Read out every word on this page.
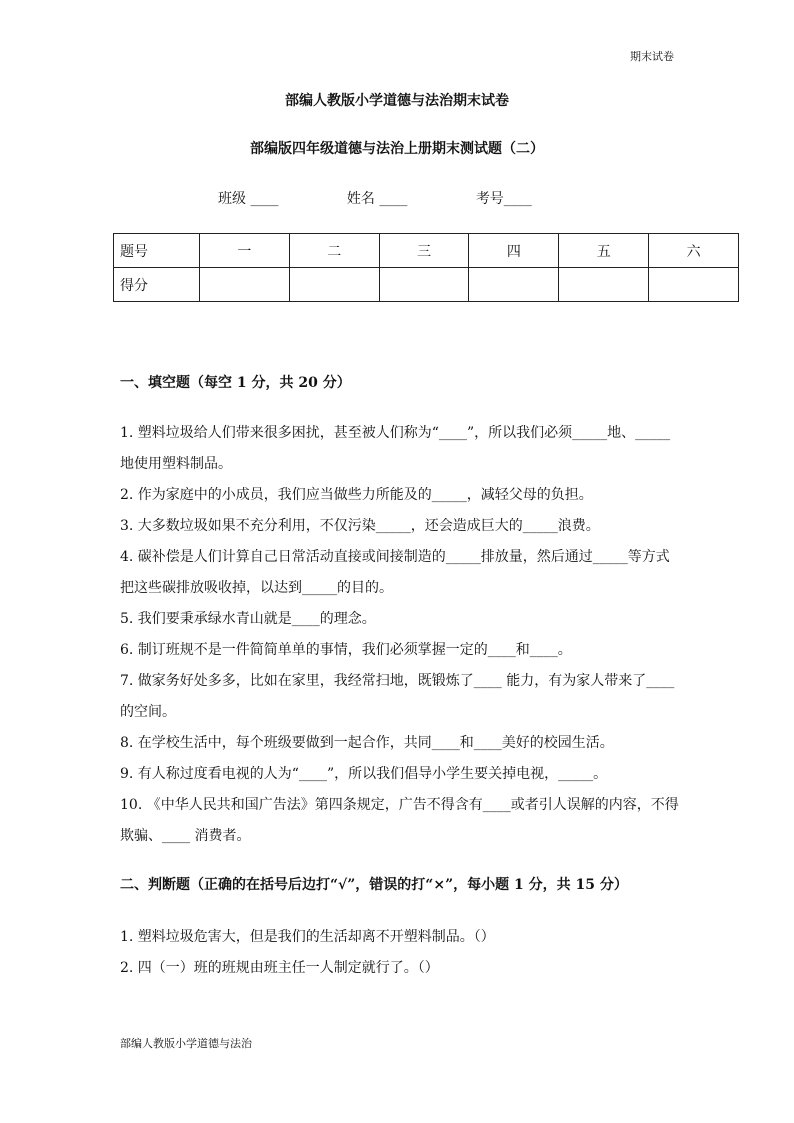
期末试卷
部编人教版小学道德与法治期末试卷
部编版四年级道德与法治上册期末测试题（二）
班级 ____	姓名 ____	考号____
题号	一	二	三	四	五	六
得分						

一、填空题（每空 1 分，共 20 分）

1. 塑料垃圾给人们带来很多困扰，甚至被人们称为“____”，所以我们必须_____地、_____地使用塑料制品。

2. 作为家庭中的小成员，我们应当做些力所能及的_____，减轻父母的负担。

3. 大多数垃圾如果不充分利用，不仅污染_____，还会造成巨大的_____浪费。

4. 碳补偿是人们计算自己日常活动直接或间接制造的_____排放量，然后通过_____等方式把这些碳排放吸收掉，以达到_____的目的。

5. 我们要秉承绿水青山就是____的理念。

6. 制订班规不是一件简简单单的事情，我们必须掌握一定的____和____。

7. 做家务好处多多，比如在家里，我经常扫地，既锻炼了____ 能力，有为家人带来了____的空间。

8. 在学校生活中，每个班级要做到一起合作，共同____和____美好的校园生活。

9. 有人称过度看电视的人为“____”，所以我们倡导小学生要关掉电视，_____。

10. 《中华人民共和国广告法》第四条规定，广告不得含有____或者引人误解的内容，不得欺骗、____ 消费者。

二、判断题（正确的在括号后边打“√”，错误的打“×”，每小题 1 分，共 15 分）

1. 塑料垃圾危害大，但是我们的生活却离不开塑料制品。（）

2. 四（一）班的班规由班主任一人制定就行了。（）

部编人教版小学道德与法治
